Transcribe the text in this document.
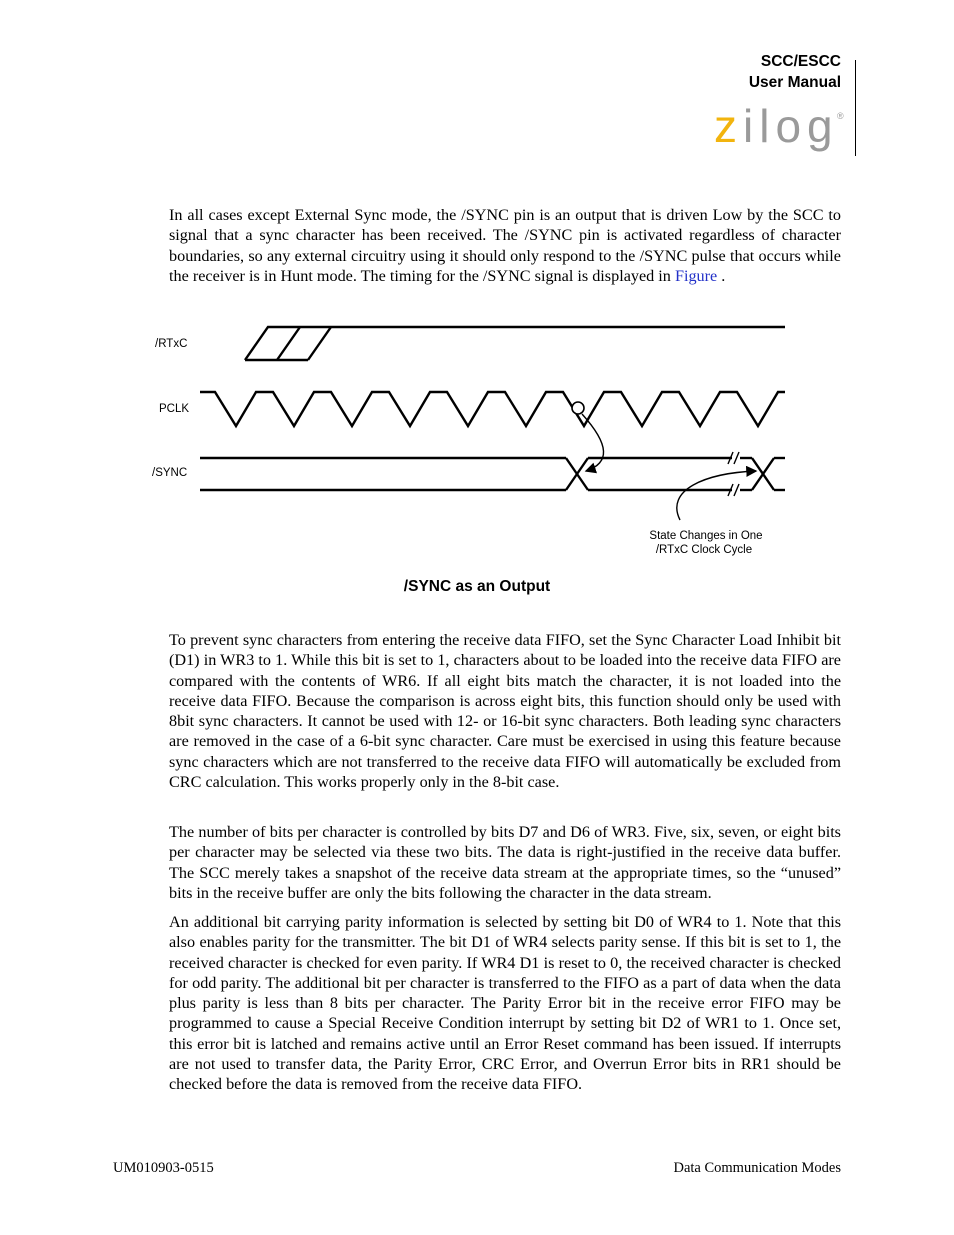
SCC/ESCC
User Manual
zilog
®

In all cases except External Sync mode, the /SYNC pin is an output that is driven Low by the SCC to signal that a sync character has been received. The /SYNC pin is activated regardless of character boundaries, so any external circuitry using it should only respond to the /SYNC pulse that occurs while the receiver is in Hunt mode. The timing for the /SYNC signal is displayed in Figure .

/RTxC
PCLK
/SYNC
State Changes in One
/RTxC Clock Cycle
/SYNC as an Output

To prevent sync characters from entering the receive data FIFO, set the Sync Character Load Inhibit bit (D1) in WR3 to 1. While this bit is set to 1, characters about to be loaded into the receive data FIFO are compared with the contents of WR6. If all eight bits match the character, it is not loaded into the receive data FIFO. Because the comparison is across eight bits, this function should only be used with 8bit sync characters. It cannot be used with 12- or 16-bit sync characters. Both leading sync characters are removed in the case of a 6-bit sync character. Care must be exercised in using this feature because sync characters which are not transferred to the receive data FIFO will automatically be excluded from CRC calculation. This works properly only in the 8-bit case.

The number of bits per character is controlled by bits D7 and D6 of WR3. Five, six, seven, or eight bits per character may be selected via these two bits. The data is right-justified in the receive data buffer. The SCC merely takes a snapshot of the receive data stream at the appropriate times, so the “unused” bits in the receive buffer are only the bits following the character in the data stream.

An additional bit carrying parity information is selected by setting bit D0 of WR4 to 1. Note that this also enables parity for the transmitter. The bit D1 of WR4 selects parity sense. If this bit is set to 1, the received character is checked for even parity. If WR4 D1 is reset to 0, the received character is checked for odd parity. The additional bit per character is transferred to the FIFO as a part of data when the data plus parity is less than 8 bits per character. The Parity Error bit in the receive error FIFO may be programmed to cause a Special Receive Condition interrupt by setting bit D2 of WR1 to 1. Once set, this error bit is latched and remains active until an Error Reset command has been issued. If interrupts are not used to transfer data, the Parity Error, CRC Error, and Overrun Error bits in RR1 should be checked before the data is removed from the receive data FIFO.

UM010903-0515	Data Communication Modes
